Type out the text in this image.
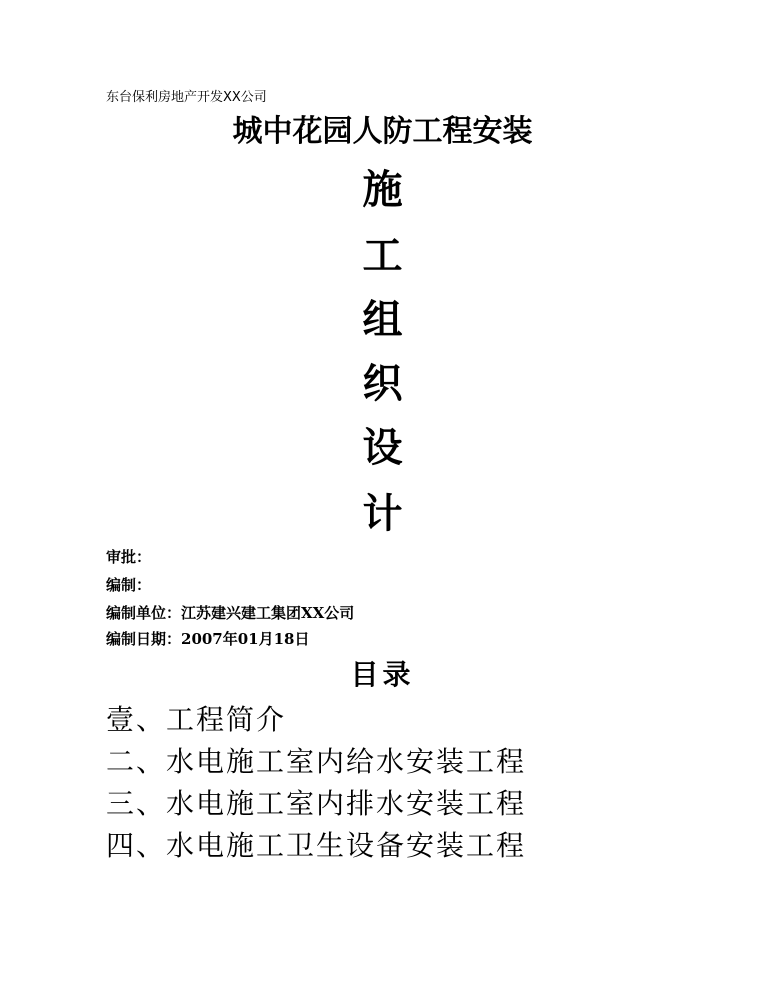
东台保利房地产开发XX公司
城中花园人防工程安装
施
工
组
织
设
计
审批：
编制：
编制单位：江苏建兴建工集团XX公司
编制日期：2007年01月18日
目录
壹、工程简介
二、水电施工室内给水安装工程
三、水电施工室内排水安装工程
四、水电施工卫生设备安装工程
